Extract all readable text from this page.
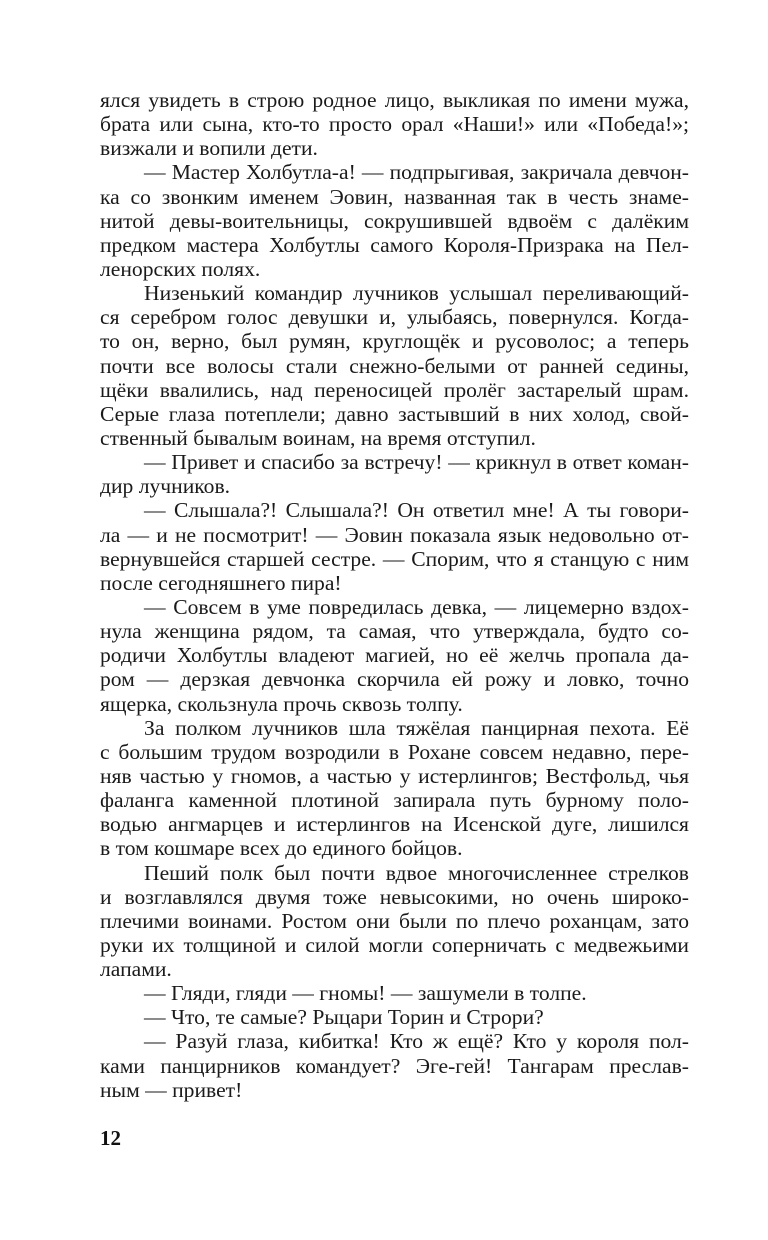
ялся увидеть в строю родное лицо, выкликая по имени мужа,
брата или сына, кто-то просто орал «Наши!» или «Победа!»;
визжали и вопили дети.
— Мастер Холбутла-а! — подпрыгивая, закричала девчон-
ка со звонким именем Эовин, названная так в честь знаме-
нитой девы-воительницы, сокрушившей вдвоём с далёким
предком мастера Холбутлы самого Короля-Призрака на Пел-
ленорских полях.
Низенький командир лучников услышал переливающий-
ся серебром голос девушки и, улыбаясь, повернулся. Когда-
то он, верно, был румян, круглощёк и русоволос; а теперь
почти все волосы стали снежно-белыми от ранней седины,
щёки ввалились, над переносицей пролёг застарелый шрам.
Серые глаза потеплели; давно застывший в них холод, свой-
ственный бывалым воинам, на время отступил.
— Привет и спасибо за встречу! — крикнул в ответ коман-
дир лучников.
— Слышала?! Слышала?! Он ответил мне! А ты говори-
ла — и не посмотрит! — Эовин показала язык недовольно от-
вернувшейся старшей сестре. — Спорим, что я станцую с ним
после сегодняшнего пира!
— Совсем в уме повредилась девка, — лицемерно вздох-
нула женщина рядом, та самая, что утверждала, будто со-
родичи Холбутлы владеют магией, но её желчь пропала да-
ром — дерзкая девчонка скорчила ей рожу и ловко, точно
ящерка, скользнула прочь сквозь толпу.
За полком лучников шла тяжёлая панцирная пехота. Её
с большим трудом возродили в Рохане совсем недавно, пере-
няв частью у гномов, а частью у истерлингов; Вестфольд, чья
фаланга каменной плотиной запирала путь бурному поло-
водью ангмарцев и истерлингов на Исенской дуге, лишился
в том кошмаре всех до единого бойцов.
Пеший полк был почти вдвое многочисленнее стрелков
и возглавлялся двумя тоже невысокими, но очень широко-
плечими воинами. Ростом они были по плечо роханцам, зато
руки их толщиной и силой могли соперничать с медвежьими
лапами.
— Гляди, гляди — гномы! — зашумели в толпе.
— Что, те самые? Рыцари Торин и Строри?
— Разуй глаза, кибитка! Кто ж ещё? Кто у короля пол-
ками панцирников командует? Эге-гей! Тангарам преслав-
ным — привет!
12
